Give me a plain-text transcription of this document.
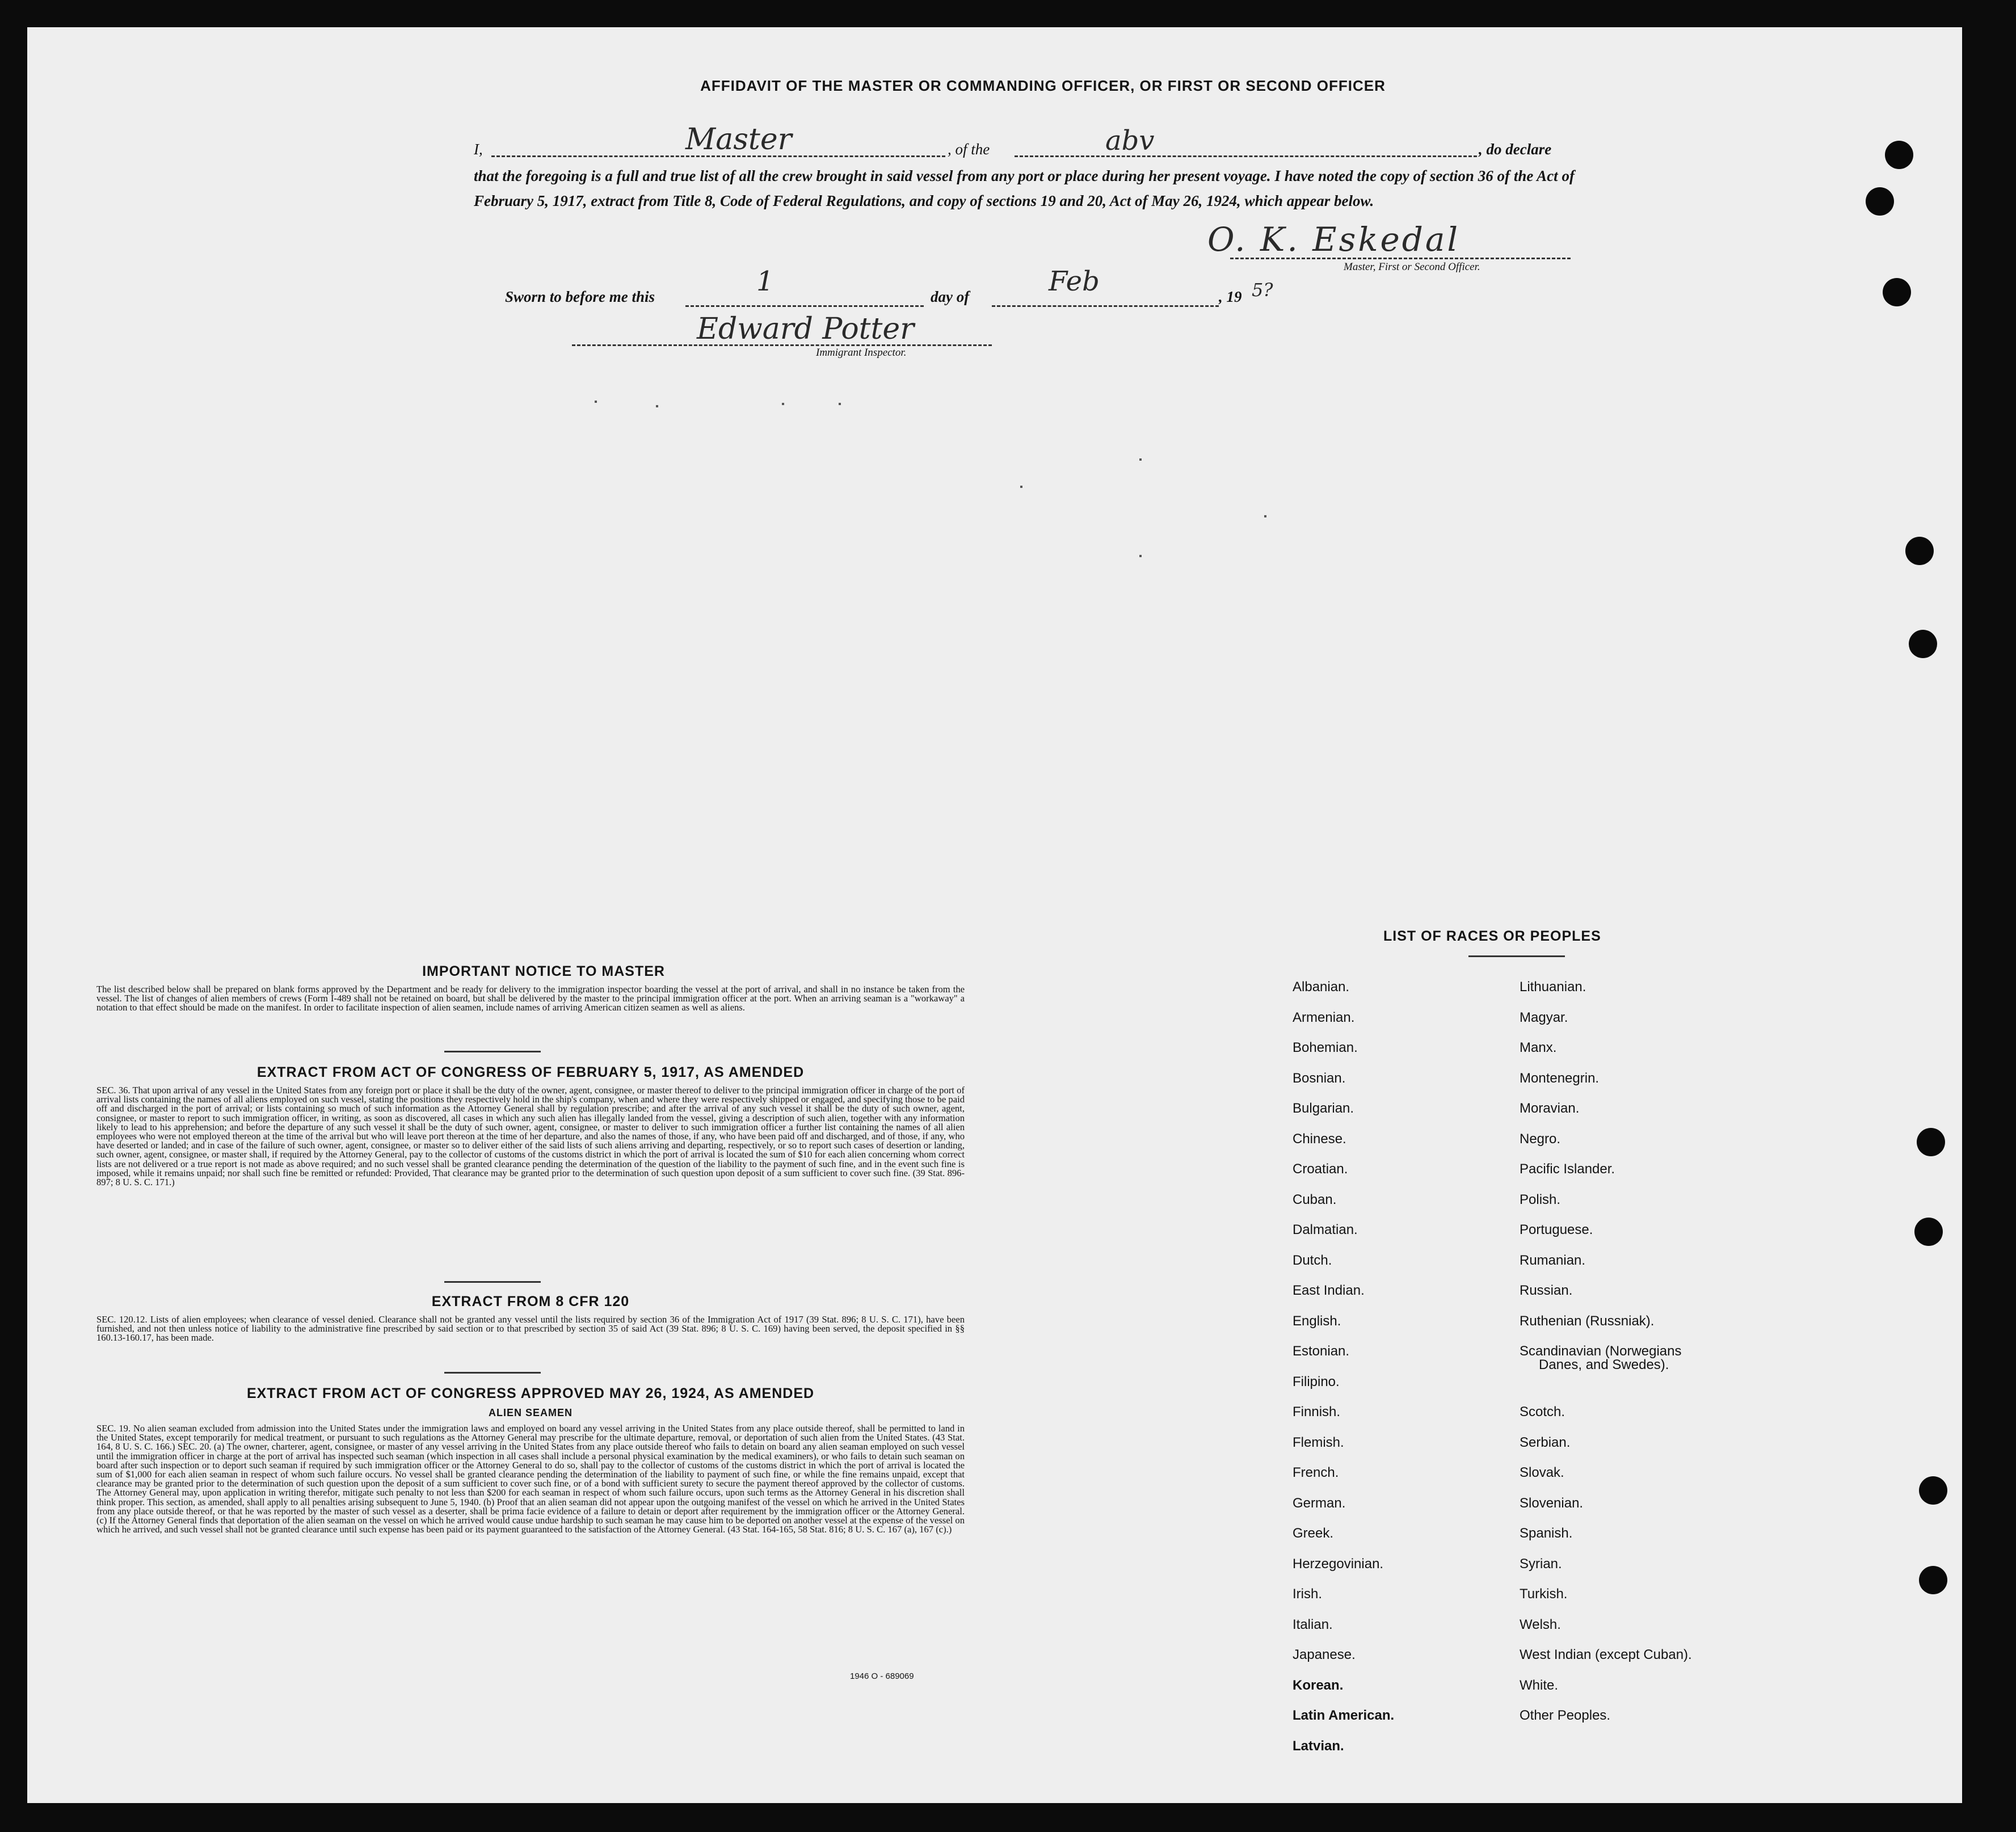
AFFIDAVIT OF THE MASTER OR COMMANDING OFFICER, OR FIRST OR SECOND OFFICER
I,	Master	, of the	abv	, do declare
that the foregoing is a full and true list of all the crew brought in said vessel from any port or place during her present voyage. I have noted the copy of section 36 of the Act of February 5, 1917, extract from Title 8, Code of Federal Regulations, and copy of sections 19 and 20, Act of May 26, 1924, which appear below.
O. K. Eskedal
Master, First or Second Officer.
Sworn to before me this	1	day of	Feb	, 19 5?
Edward Potter
Immigrant Inspector.
IMPORTANT NOTICE TO MASTER
The list described below shall be prepared on blank forms approved by the Department and be ready for delivery to the immigration inspector boarding the vessel at the port of arrival, and shall in no instance be taken from the vessel. The list of changes of alien members of crews (Form I-489 shall not be retained on board, but shall be delivered by the master to the principal immigration officer at the port. When an arriving seaman is a "workaway" a notation to that effect should be made on the manifest. In order to facilitate inspection of alien seamen, include names of arriving American citizen seamen as well as aliens.
EXTRACT FROM ACT OF CONGRESS OF FEBRUARY 5, 1917, AS AMENDED
SEC. 36. That upon arrival of any vessel in the United States from any foreign port or place it shall be the duty of the owner, agent, consignee, or master thereof to deliver to the principal immigration officer in charge of the port of arrival lists containing the names of all aliens employed on such vessel, stating the positions they respectively hold in the ship's company, when and where they were respectively shipped or engaged, and specifying those to be paid off and discharged in the port of arrival; or lists containing so much of such information as the Attorney General shall by regulation prescribe; and after the arrival of any such vessel it shall be the duty of such owner, agent, consignee, or master to report to such immigration officer, in writing, as soon as discovered, all cases in which any such alien has illegally landed from the vessel, giving a description of such alien, together with any information likely to lead to his apprehension; and before the departure of any such vessel it shall be the duty of such owner, agent, consignee, or master to deliver to such immigration officer a further list containing the names of all alien employees who were not employed thereon at the time of the arrival but who will leave port thereon at the time of her departure, and also the names of those, if any, who have been paid off and discharged, and of those, if any, who have deserted or landed; and in case of the failure of such owner, agent, consignee, or master so to deliver either of the said lists of such aliens arriving and departing, respectively, or so to report such cases of desertion or landing, such owner, agent, consignee, or master shall, if required by the Attorney General, pay to the collector of customs of the customs district in which the port of arrival is located the sum of $10 for each alien concerning whom correct lists are not delivered or a true report is not made as above required; and no such vessel shall be granted clearance pending the determination of the question of the liability to the payment of such fine, and in the event such fine is imposed, while it remains unpaid; nor shall such fine be remitted or refunded: Provided, That clearance may be granted prior to the determination of such question upon deposit of a sum sufficient to cover such fine. (39 Stat. 896-897; 8 U. S. C. 171.)
EXTRACT FROM 8 CFR 120
SEC. 120.12. Lists of alien employees; when clearance of vessel denied. Clearance shall not be granted any vessel until the lists required by section 36 of the Immigration Act of 1917 (39 Stat. 896; 8 U. S. C. 171), have been furnished, and not then unless notice of liability to the administrative fine prescribed by said section or to that prescribed by section 35 of said Act (39 Stat. 896; 8 U. S. C. 169) having been served, the deposit specified in §§ 160.13-160.17, has been made.
EXTRACT FROM ACT OF CONGRESS APPROVED MAY 26, 1924, AS AMENDED
ALIEN SEAMEN
SEC. 19. No alien seaman excluded from admission into the United States under the immigration laws and employed on board any vessel arriving in the United States from any place outside thereof, shall be permitted to land in the United States, except temporarily for medical treatment, or pursuant to such regulations as the Attorney General may prescribe for the ultimate departure, removal, or deportation of such alien from the United States. (43 Stat. 164, 8 U. S. C. 166.) SEC. 20. (a) The owner, charterer, agent, consignee, or master of any vessel arriving in the United States from any place outside thereof who fails to detain on board any alien seaman employed on such vessel until the immigration officer in charge at the port of arrival has inspected such seaman (which inspection in all cases shall include a personal physical examination by the medical examiners), or who fails to detain such seaman on board after such inspection or to deport such seaman if required by such immigration officer or the Attorney General to do so, shall pay to the collector of customs of the customs district in which the port of arrival is located the sum of $1,000 for each alien seaman in respect of whom such failure occurs. No vessel shall be granted clearance pending the determination of the liability to payment of such fine, or while the fine remains unpaid, except that clearance may be granted prior to the determination of such question upon the deposit of a sum sufficient to cover such fine, or of a bond with sufficient surety to secure the payment thereof approved by the collector of customs. The Attorney General may, upon application in writing therefor, mitigate such penalty to not less than $200 for each seaman in respect of whom such failure occurs, upon such terms as the Attorney General in his discretion shall think proper. This section, as amended, shall apply to all penalties arising subsequent to June 5, 1940. (b) Proof that an alien seaman did not appear upon the outgoing manifest of the vessel on which he arrived in the United States from any place outside thereof, or that he was reported by the master of such vessel as a deserter, shall be prima facie evidence of a failure to detain or deport after requirement by the immigration officer or the Attorney General. (c) If the Attorney General finds that deportation of the alien seaman on the vessel on which he arrived would cause undue hardship to such seaman he may cause him to be deported on another vessel at the expense of the vessel on which he arrived, and such vessel shall not be granted clearance until such expense has been paid or its payment guaranteed to the satisfaction of the Attorney General. (43 Stat. 164-165, 58 Stat. 816; 8 U. S. C. 167 (a), 167 (c).)
1946 O - 689069
LIST OF RACES OR PEOPLES
Albanian.
Armenian.
Bohemian.
Bosnian.
Bulgarian.
Chinese.
Croatian.
Cuban.
Dalmatian.
Dutch.
East Indian.
English.
Estonian.
Filipino.
Finnish.
Flemish.
French.
German.
Greek.
Herzegovinian.
Irish.
Italian.
Japanese.
Korean.
Latin American.
Latvian.
Lithuanian.
Magyar.
Manx.
Montenegrin.
Moravian.
Negro.
Pacific Islander.
Polish.
Portuguese.
Rumanian.
Russian.
Ruthenian (Russniak).
Scandinavian (Norwegians
Danes, and Swedes).
Scotch.
Serbian.
Slovak.
Slovenian.
Spanish.
Syrian.
Turkish.
Welsh.
West Indian (except Cuban).
White.
Other Peoples.
